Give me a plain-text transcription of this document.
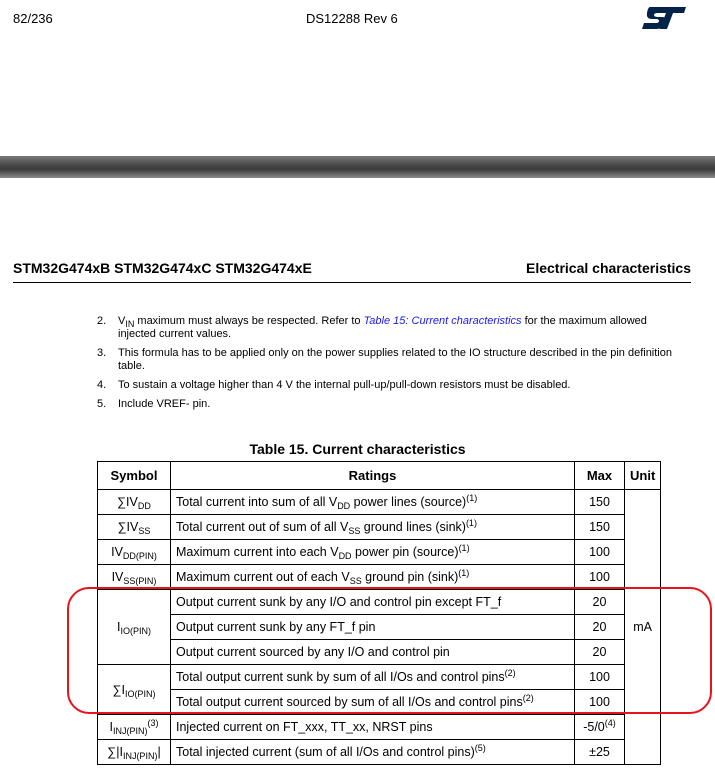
82/236	DS12288 Rev 6
STM32G474xB STM32G474xC STM32G474xE	Electrical characteristics
2.	$V_{IN}$ maximum must always be respected. Refer to Table 15: Current characteristics for the maximum allowed injected current values.
3.	This formula has to be applied only on the power supplies related to the IO structure described in the pin definition table.
4.	To sustain a voltage higher than 4 V the internal pull-up/pull-down resistors must be disabled.
5.	Include VREF- pin.
Table 15. Current characteristics
Symbol	Ratings	Max	Unit
$\sum IV_{DD}$	Total current into sum of all $V_{DD}$ power lines (source)$^{(1)}$	150	mA
$\sum IV_{SS}$	Total current out of sum of all $V_{SS}$ ground lines $(\sin k)^{(1)}$	150	
$IV_{DD(PIN)}$	Maximum current into each $V_{DD}$ power pin (source)$^{(1)}$	100	
$IV_{SS(PIN)}$	Maximum current out of each $V_{SS}$ ground pin $(\sin k)^{(1)}$	100	
$I_{IO(PIN)}$	Output current sunk by any I/O and control pin except FT_f	20	
	Output current sunk by any FT_f pin	20	
	Output current sourced by any I/O and control pin	20	
$\sum I_{IO(PIN)}$	Total output current sunk by sum of all I/Os and control pins$^{(2)}$	100	
	Total output current sourced by sum of all I/Os and control pins$^{(2)}$	100	
$I_{INJ(PIN)}^{(3)}$	Injected current on FT_xxx, TT_xx, NRST pins	-5/0$^{(4)}$
$\sum|I_{INJ(PIN)}|$	Total injected current (sum of all I/Os and control pins)$^{(5)}$	±25	
